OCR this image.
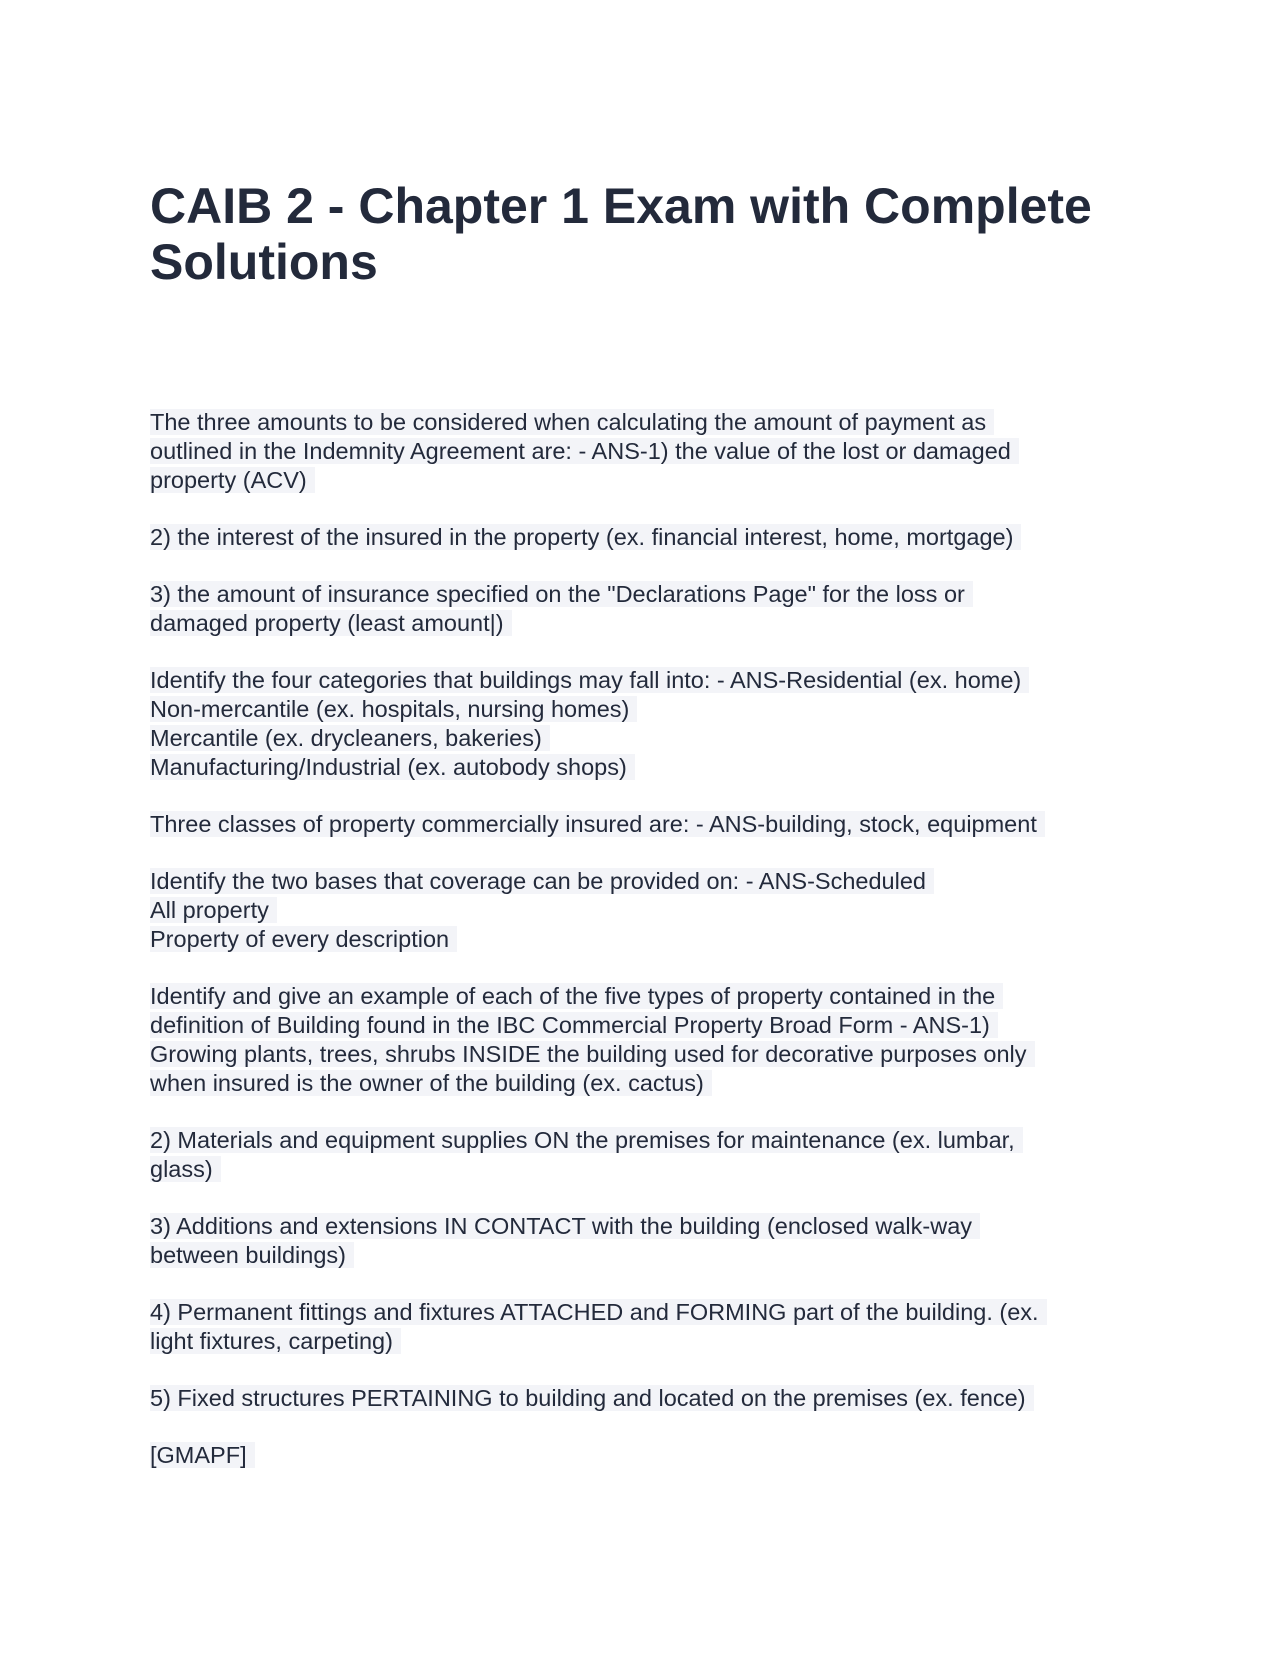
CAIB 2 - Chapter 1 Exam with Complete Solutions

The three amounts to be considered when calculating the amount of payment as
outlined in the Indemnity Agreement are: - ANS-1) the value of the lost or damaged
property (ACV)

2) the interest of the insured in the property (ex. financial interest, home, mortgage)

3) the amount of insurance specified on the "Declarations Page" for the loss or
damaged property (least amount|)

Identify the four categories that buildings may fall into: - ANS-Residential (ex. home)
Non-mercantile (ex. hospitals, nursing homes)
Mercantile (ex. drycleaners, bakeries)
Manufacturing/Industrial (ex. autobody shops)

Three classes of property commercially insured are: - ANS-building, stock, equipment

Identify the two bases that coverage can be provided on: - ANS-Scheduled
All property
Property of every description

Identify and give an example of each of the five types of property contained in the
definition of Building found in the IBC Commercial Property Broad Form - ANS-1)
Growing plants, trees, shrubs INSIDE the building used for decorative purposes only
when insured is the owner of the building (ex. cactus)

2) Materials and equipment supplies ON the premises for maintenance (ex. lumbar,
glass)

3) Additions and extensions IN CONTACT with the building (enclosed walk-way
between buildings)

4) Permanent fittings and fixtures ATTACHED and FORMING part of the building. (ex.
light fixtures, carpeting)

5) Fixed structures PERTAINING to building and located on the premises (ex. fence)

[GMAPF]
